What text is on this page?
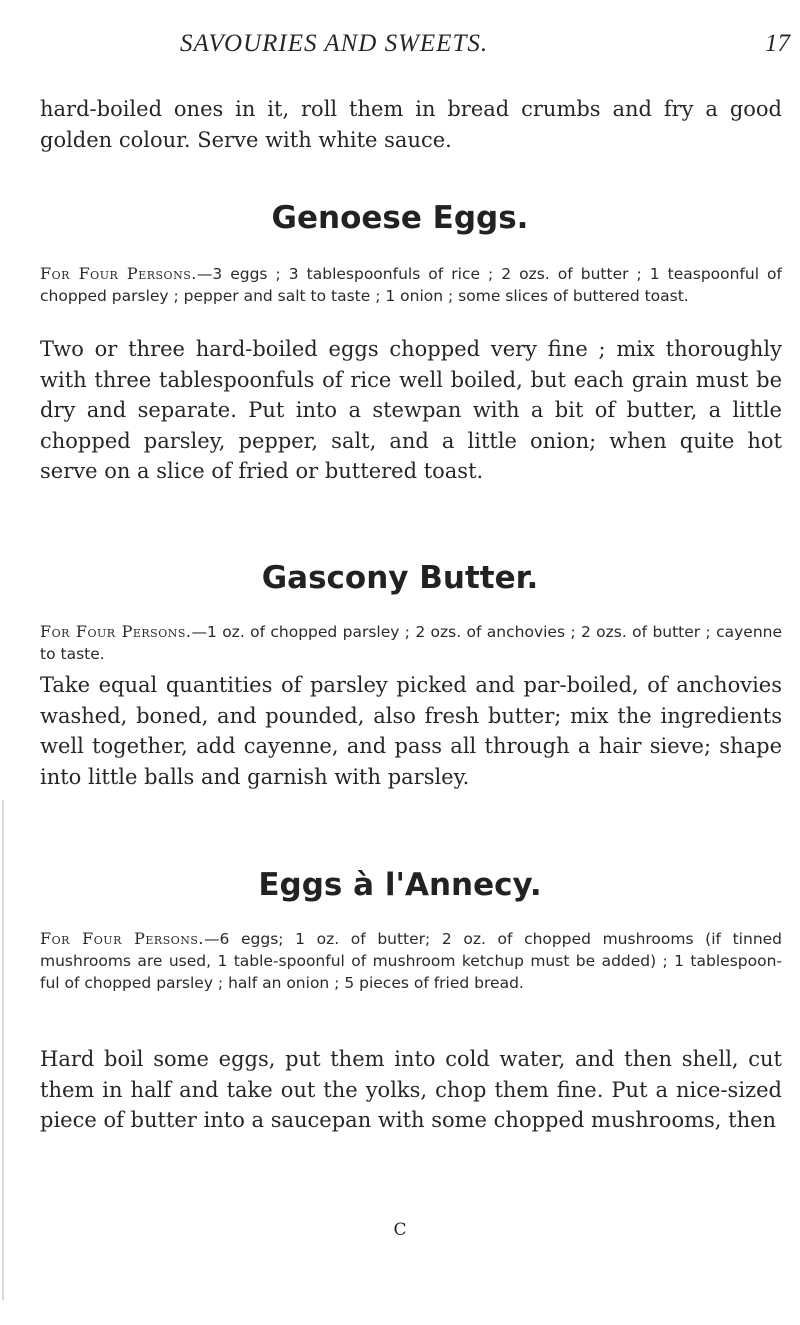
SAVOURIES AND SWEETS.	17

hard-boiled ones in it, roll them in bread crumbs and fry a good golden colour. Serve with white sauce.

Genoese Eggs.

For Four Persons.—3 eggs ; 3 tablespoonfuls of rice ; 2 ozs. of butter ; 1 teaspoonful of chopped parsley ; pepper and salt to taste ; 1 onion ; some slices of buttered toast.

Two or three hard-boiled eggs chopped very fine ; mix thoroughly with three tablespoonfuls of rice well boiled, but each grain must be dry and separate. Put into a stewpan with a bit of butter, a little chopped parsley, pepper, salt, and a little onion; when quite hot serve on a slice of fried or buttered toast.

Gascony Butter.

For Four Persons.—1 oz. of chopped parsley ; 2 ozs. of anchovies ; 2 ozs. of butter ; cayenne to taste.

Take equal quantities of parsley picked and par-boiled, of anchovies washed, boned, and pounded, also fresh butter; mix the ingredients well together, add cayenne, and pass all through a hair sieve; shape into little balls and garnish with parsley.

Eggs à l'Annecy.

For Four Persons.—6 eggs; 1 oz. of butter; 2 oz. of chopped mushrooms (if tinned mushrooms are used, 1 table-spoonful of mushroom ketchup must be added) ; 1 tablespoon-ful of chopped parsley ; half an onion ; 5 pieces of fried bread.

Hard boil some eggs, put them into cold water, and then shell, cut them in half and take out the yolks, chop them fine. Put a nice-sized piece of butter into a saucepan with some chopped mushrooms, then

C
